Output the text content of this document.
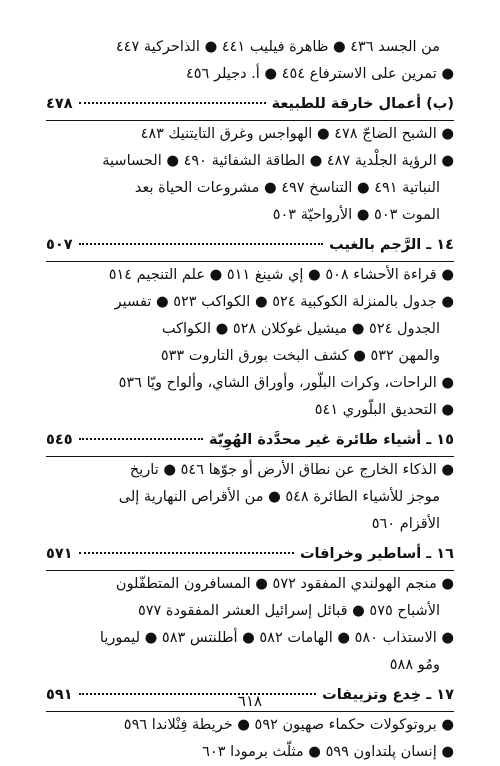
من الجسد ٤٣٦ ● ظاهرة فيليب ٤٤١ ● الذاحركية ٤٤٧
● تمرين على الاسترفاع ٤٥٤ ● أ. دجيلر ٤٥٦
(ب) أعمال خارقة للطبيعة
٤٧٨
● الشبح الضاجّ ٤٧٨ ● الهواجس وغرق التايتنيك ٤٨٣
● الرؤية الجلْدية ٤٨٧ ● الطاقة الشفائية ٤٩٠ ● الحساسية
النباتية ٤٩١ ● التناسخ ٤٩٧ ● مشروعات الحياة بعد
الموت ٥٠٣ ● الأرواحيّة ٥٠٣
١٤ ـ الرَّجم بالغيب
٥٠٧
● قراءة الأحشاء ٥٠٨ ● إي شينغ ٥١١ ● علم التنجيم ٥١٤
● جدول بالمنزلة الكوكبية ٥٢٤ ● الكواكب ٥٢٣ ● تفسير
الجدول ٥٢٤ ● ميشيل غوكلان ٥٢٨ ● الكواكب
والمهن ٥٣٢ ● كشف البخت بورق التاروت ٥٣٣
● الراحات، وكرات البلّور، وأوراق الشاي، وألواح ويّا ٥٣٦
● التحديق البلّوري ٥٤١
١٥ ـ أشياء طائرة غير محدَّدة الهُوِيّة
٥٤٥
● الذكاء الخارج عن نطاق الأرض أو جوّها ٥٤٦ ● تاريخ
موجز للأشياء الطائرة ٥٤٨ ● من الأقراص النهارية إلى
الأقزام ٥٦٠
١٦ ـ أساطير وخرافات
٥٧١
● منجم الهولندي المفقود ٥٧٢ ● المسافرون المتطفّلون
الأشباح ٥٧٥ ● قبائل إسرائيل العشر المفقودة ٥٧٧
● الاستذاب ٥٨٠ ● الهامات ٥٨٢ ● أطلنتس ٥٨٣ ● ليموريا
ومُو ٥٨٨
١٧ ـ خِدع وتزييفات
٥٩١
● بروتوكولات حكماء صهيون ٥٩٢ ● خريطة فِنْلاندا ٥٩٦
● إنسان پلتداون ٥٩٩ ● مثلّث برمودا ٦٠٣
٦١٨
